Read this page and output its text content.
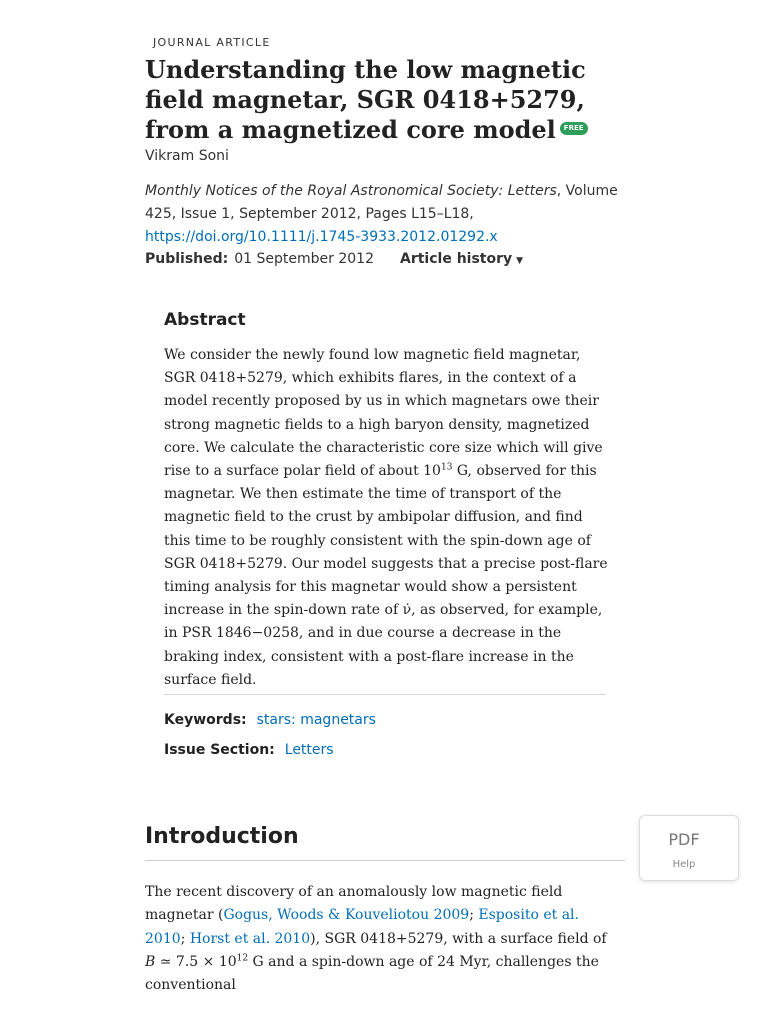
JOURNAL ARTICLE
Understanding the low magnetic field magnetar, SGR 0418+5279, from a magnetized core model FREE
Vikram Soni
Monthly Notices of the Royal Astronomical Society: Letters, Volume 425, Issue 1, September 2012, Pages L15–L18,
https://doi.org/10.1111/j.1745-3933.2012.01292.x
Published: 01 September 2012 Article history ▼
Abstract

We consider the newly found low magnetic field magnetar, SGR 0418+5279, which exhibits flares, in the context of a model recently proposed by us in which magnetars owe their strong magnetic fields to a high baryon density, magnetized core. We calculate the characteristic core size which will give rise to a surface polar field of about $10^{13}$ G, observed for this magnetar. We then estimate the time of transport of the magnetic field to the crust by ambipolar diffusion, and find this time to be roughly consistent with the spin-down age of SGR 0418+5279. Our model suggests that a precise post-flare timing analysis for this magnetar would show a persistent increase in the spin-down rate of ν̇, as observed, for example, in PSR 1846−0258, and in due course a decrease in the braking index, consistent with a post-flare increase in the surface field.

Keywords: stars: magnetars
Issue Section: Letters
Introduction
The recent discovery of an anomalously low magnetic field magnetar (Gogus, Woods & Kouveliotou 2009; Esposito et al. 2010; Horst et al. 2010), SGR 0418+5279, with a surface field of B ≃ $7.5 \times 10^{12}$ G and a spin-down age of 24 Myr, challenges the conventional
PDF
Help
